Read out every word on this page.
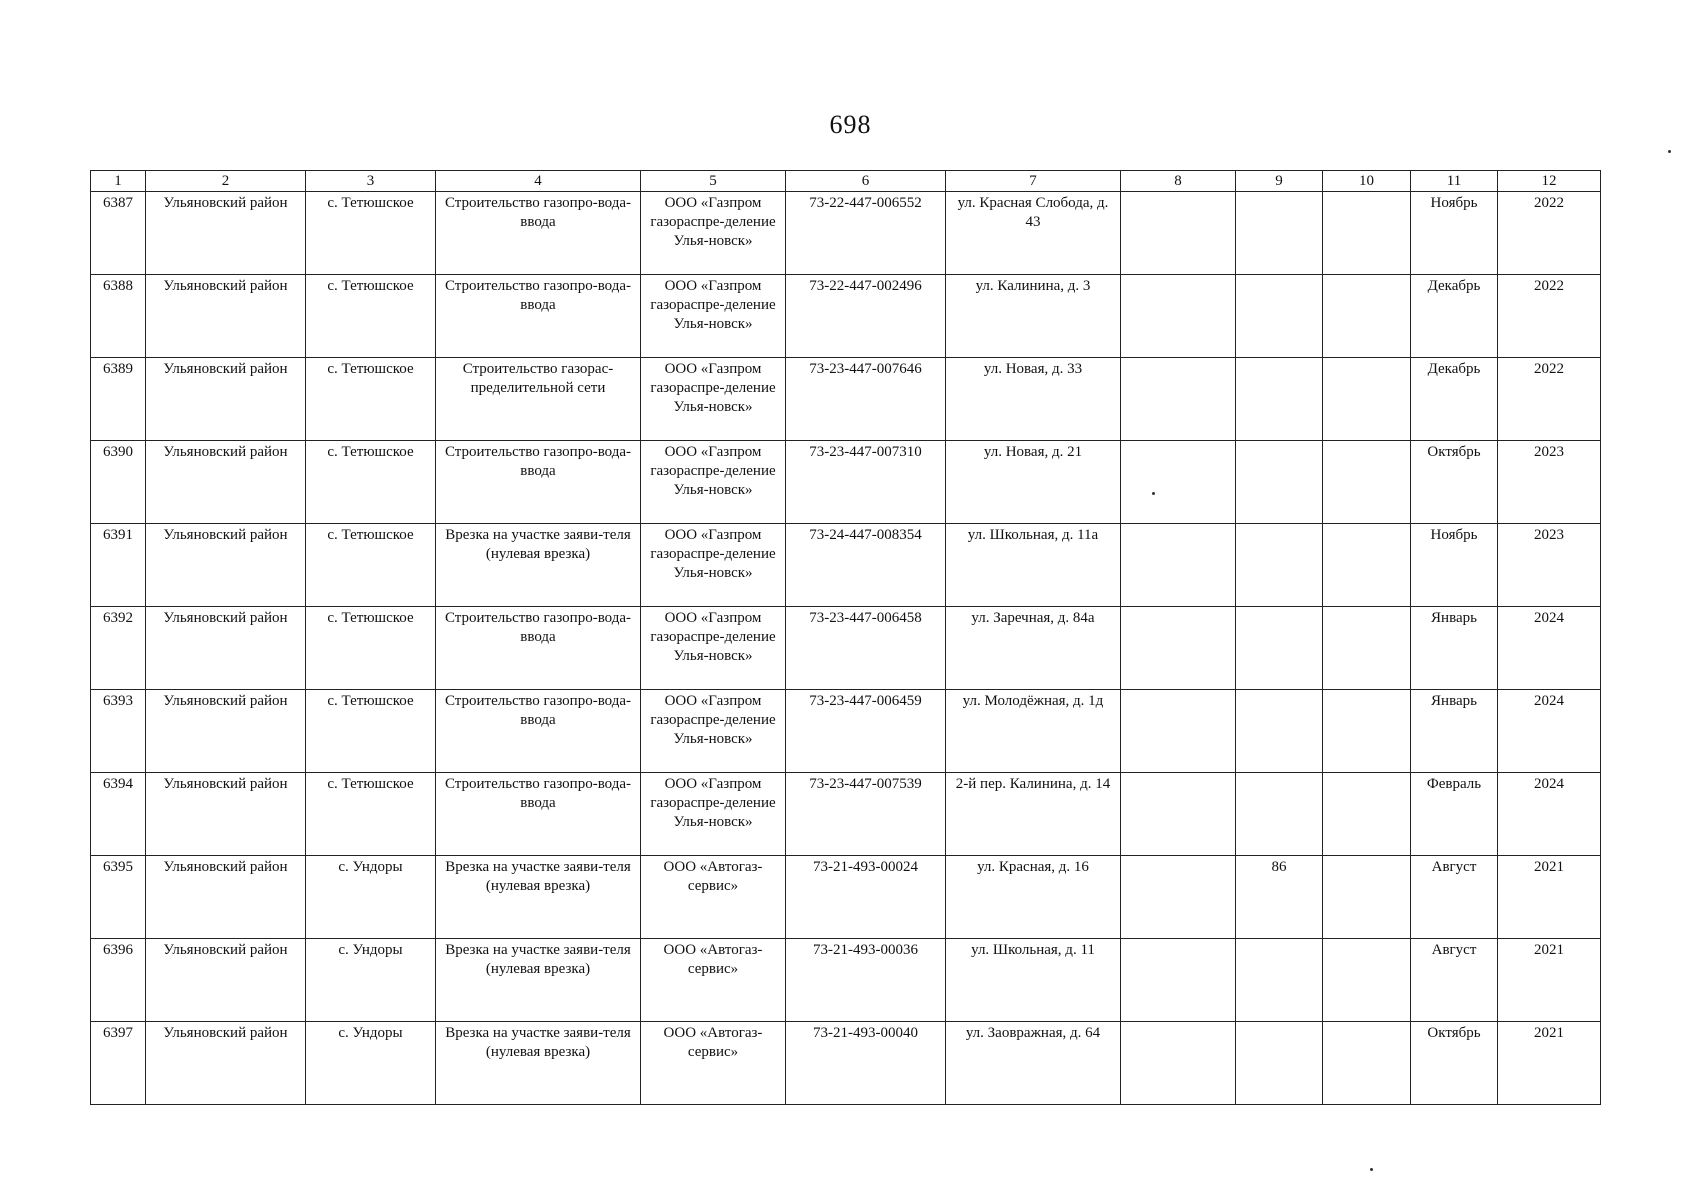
698
1	2	3	4	5	6	7	8	9	10	11	12
6387	Ульяновский район	с. Тетюшское	Строительство газопро-вода-ввода	ООО «Газпром газораспре-деление Улья-новск»	73-22-447-006552	ул. Красная Слобода, д. 43				Ноябрь	2022
6388	Ульяновский район	с. Тетюшское	Строительство газопро-вода-ввода	ООО «Газпром газораспре-деление Улья-новск»	73-22-447-002496	ул. Калинина, д. 3				Декабрь	2022
6389	Ульяновский район	с. Тетюшское	Строительство газорас-пределительной сети	ООО «Газпром газораспре-деление Улья-новск»	73-23-447-007646	ул. Новая, д. 33				Декабрь	2022
6390	Ульяновский район	с. Тетюшское	Строительство газопро-вода-ввода	ООО «Газпром газораспре-деление Улья-новск»	73-23-447-007310	ул. Новая, д. 21				Октябрь	2023
6391	Ульяновский район	с. Тетюшское	Врезка на участке заяви-теля (нулевая врезка)	ООО «Газпром газораспре-деление Улья-новск»	73-24-447-008354	ул. Школьная, д. 11а				Ноябрь	2023
6392	Ульяновский район	с. Тетюшское	Строительство газопро-вода-ввода	ООО «Газпром газораспре-деление Улья-новск»	73-23-447-006458	ул. Заречная, д. 84а				Январь	2024
6393	Ульяновский район	с. Тетюшское	Строительство газопро-вода-ввода	ООО «Газпром газораспре-деление Улья-новск»	73-23-447-006459	ул. Молодёжная, д. 1д				Январь	2024
6394	Ульяновский район	с. Тетюшское	Строительство газопро-вода-ввода	ООО «Газпром газораспре-деление Улья-новск»	73-23-447-007539	2-й пер. Калинина, д. 14				Февраль	2024
6395	Ульяновский район	с. Ундоры	Врезка на участке заяви-теля (нулевая врезка)	ООО «Автогаз-сервис»	73-21-493-00024	ул. Красная, д. 16		86		Август	2021
6396	Ульяновский район	с. Ундоры	Врезка на участке заяви-теля (нулевая врезка)	ООО «Автогаз-сервис»	73-21-493-00036	ул. Школьная, д. 11				Август	2021
6397	Ульяновский район	с. Ундоры	Врезка на участке заяви-теля (нулевая врезка)	ООО «Автогаз-сервис»	73-21-493-00040	ул. Заовражная, д. 64				Октябрь	2021
